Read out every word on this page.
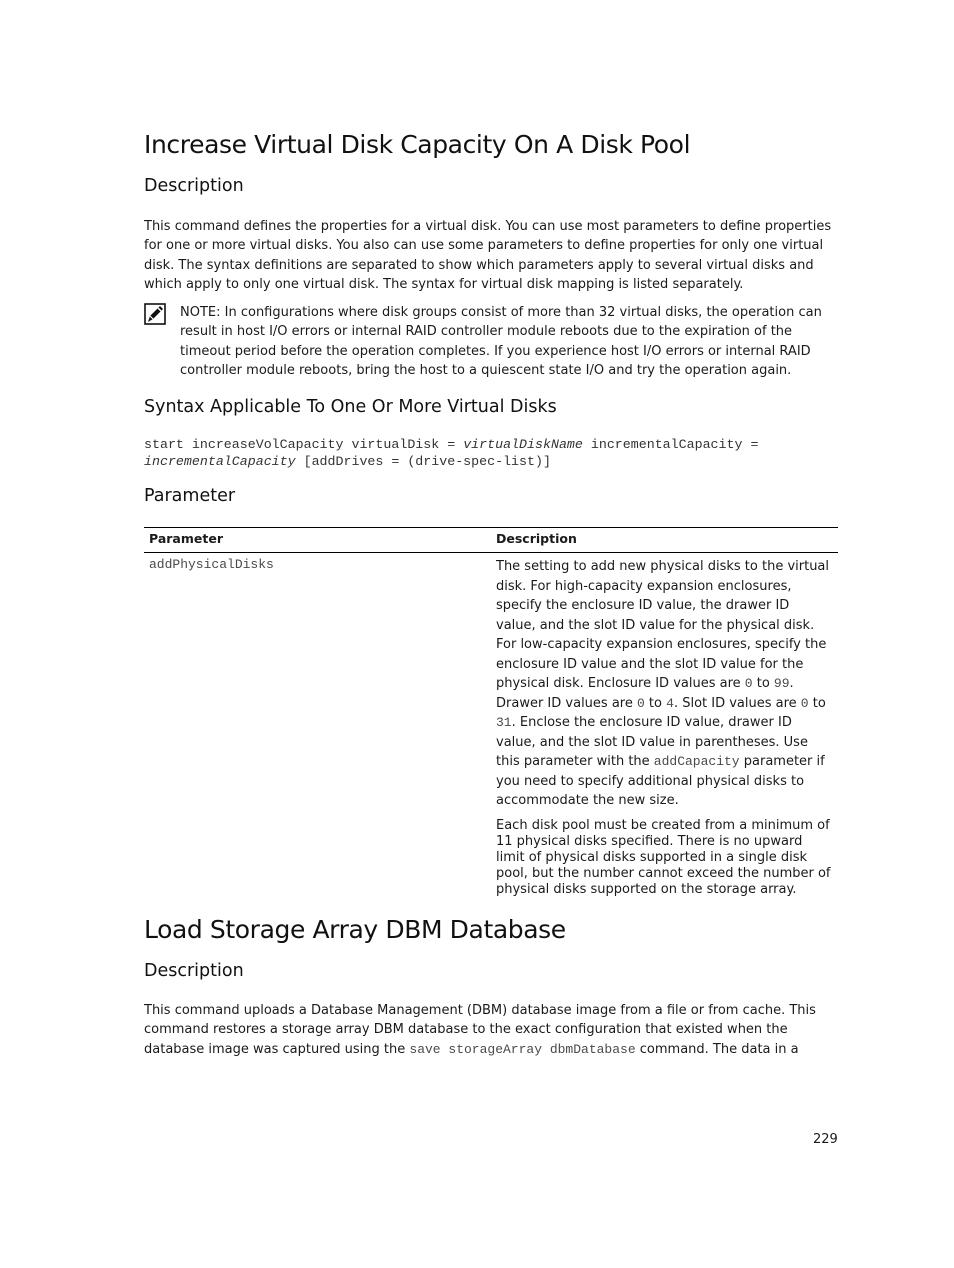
Increase Virtual Disk Capacity On A Disk Pool
Description

This command defines the properties for a virtual disk. You can use most parameters to define properties for one or more virtual disks. You also can use some parameters to define properties for only one virtual disk. The syntax definitions are separated to show which parameters apply to several virtual disks and which apply to only one virtual disk. The syntax for virtual disk mapping is listed separately.

NOTE: In configurations where disk groups consist of more than 32 virtual disks, the operation can result in host I/O errors or internal RAID controller module reboots due to the expiration of the timeout period before the operation completes. If you experience host I/O errors or internal RAID controller module reboots, bring the host to a quiescent state I/O and try the operation again.

Syntax Applicable To One Or More Virtual Disks
start increaseVolCapacity virtualDisk = virtualDiskName incrementalCapacity =
incrementalCapacity [addDrives = (drive-spec-list)]
Parameter
Parameter	Description
addPhysicalDisks	The setting to add new physical disks to the virtual disk. For high-capacity expansion enclosures, specify the enclosure ID value, the drawer ID value, and the slot ID value for the physical disk. For low-capacity expansion enclosures, specify the enclosure ID value and the slot ID value for the physical disk. Enclosure ID values are 0 to 99. Drawer ID values are 0 to 4. Slot ID values are 0 to 31. Enclose the enclosure ID value, drawer ID value, and the slot ID value in parentheses. Use this parameter with the addCapacity parameter if you need to specify additional physical disks to accommodate the new size.

Each disk pool must be created from a minimum of 11 physical disks specified. There is no upward limit of physical disks supported in a single disk pool, but the number cannot exceed the number of physical disks supported on the storage array.

Load Storage Array DBM Database
Description

This command uploads a Database Management (DBM) database image from a file or from cache. This command restores a storage array DBM database to the exact configuration that existed when the database image was captured using the save storageArray dbmDatabase command. The data in a

229
